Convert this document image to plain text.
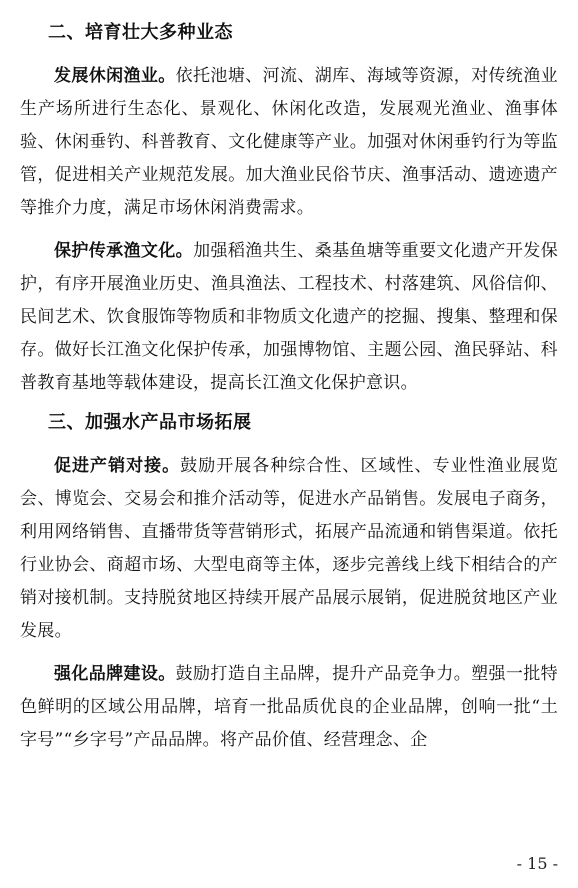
二、培育壮大多种业态

发展休闲渔业。依托池塘、河流、湖库、海域等资源，对传统渔业生产场所进行生态化、景观化、休闲化改造，发展观光渔业、渔事体验、休闲垂钓、科普教育、文化健康等产业。加强对休闲垂钓行为等监管，促进相关产业规范发展。加大渔业民俗节庆、渔事活动、遗迹遗产等推介力度，满足市场休闲消费需求。

保护传承渔文化。加强稻渔共生、桑基鱼塘等重要文化遗产开发保护，有序开展渔业历史、渔具渔法、工程技术、村落建筑、风俗信仰、民间艺术、饮食服饰等物质和非物质文化遗产的挖掘、搜集、整理和保存。做好长江渔文化保护传承，加强博物馆、主题公园、渔民驿站、科普教育基地等载体建设，提高长江渔文化保护意识。

三、加强水产品市场拓展

促进产销对接。鼓励开展各种综合性、区域性、专业性渔业展览会、博览会、交易会和推介活动等，促进水产品销售。发展电子商务，利用网络销售、直播带货等营销形式，拓展产品流通和销售渠道。依托行业协会、商超市场、大型电商等主体，逐步完善线上线下相结合的产销对接机制。支持脱贫地区持续开展产品展示展销，促进脱贫地区产业发展。

强化品牌建设。鼓励打造自主品牌，提升产品竞争力。塑强一批特色鲜明的区域公用品牌，培育一批品质优良的企业品牌，创响一批“土字号”“乡字号”产品品牌。将产品价值、经营理念、企

- 15 -
